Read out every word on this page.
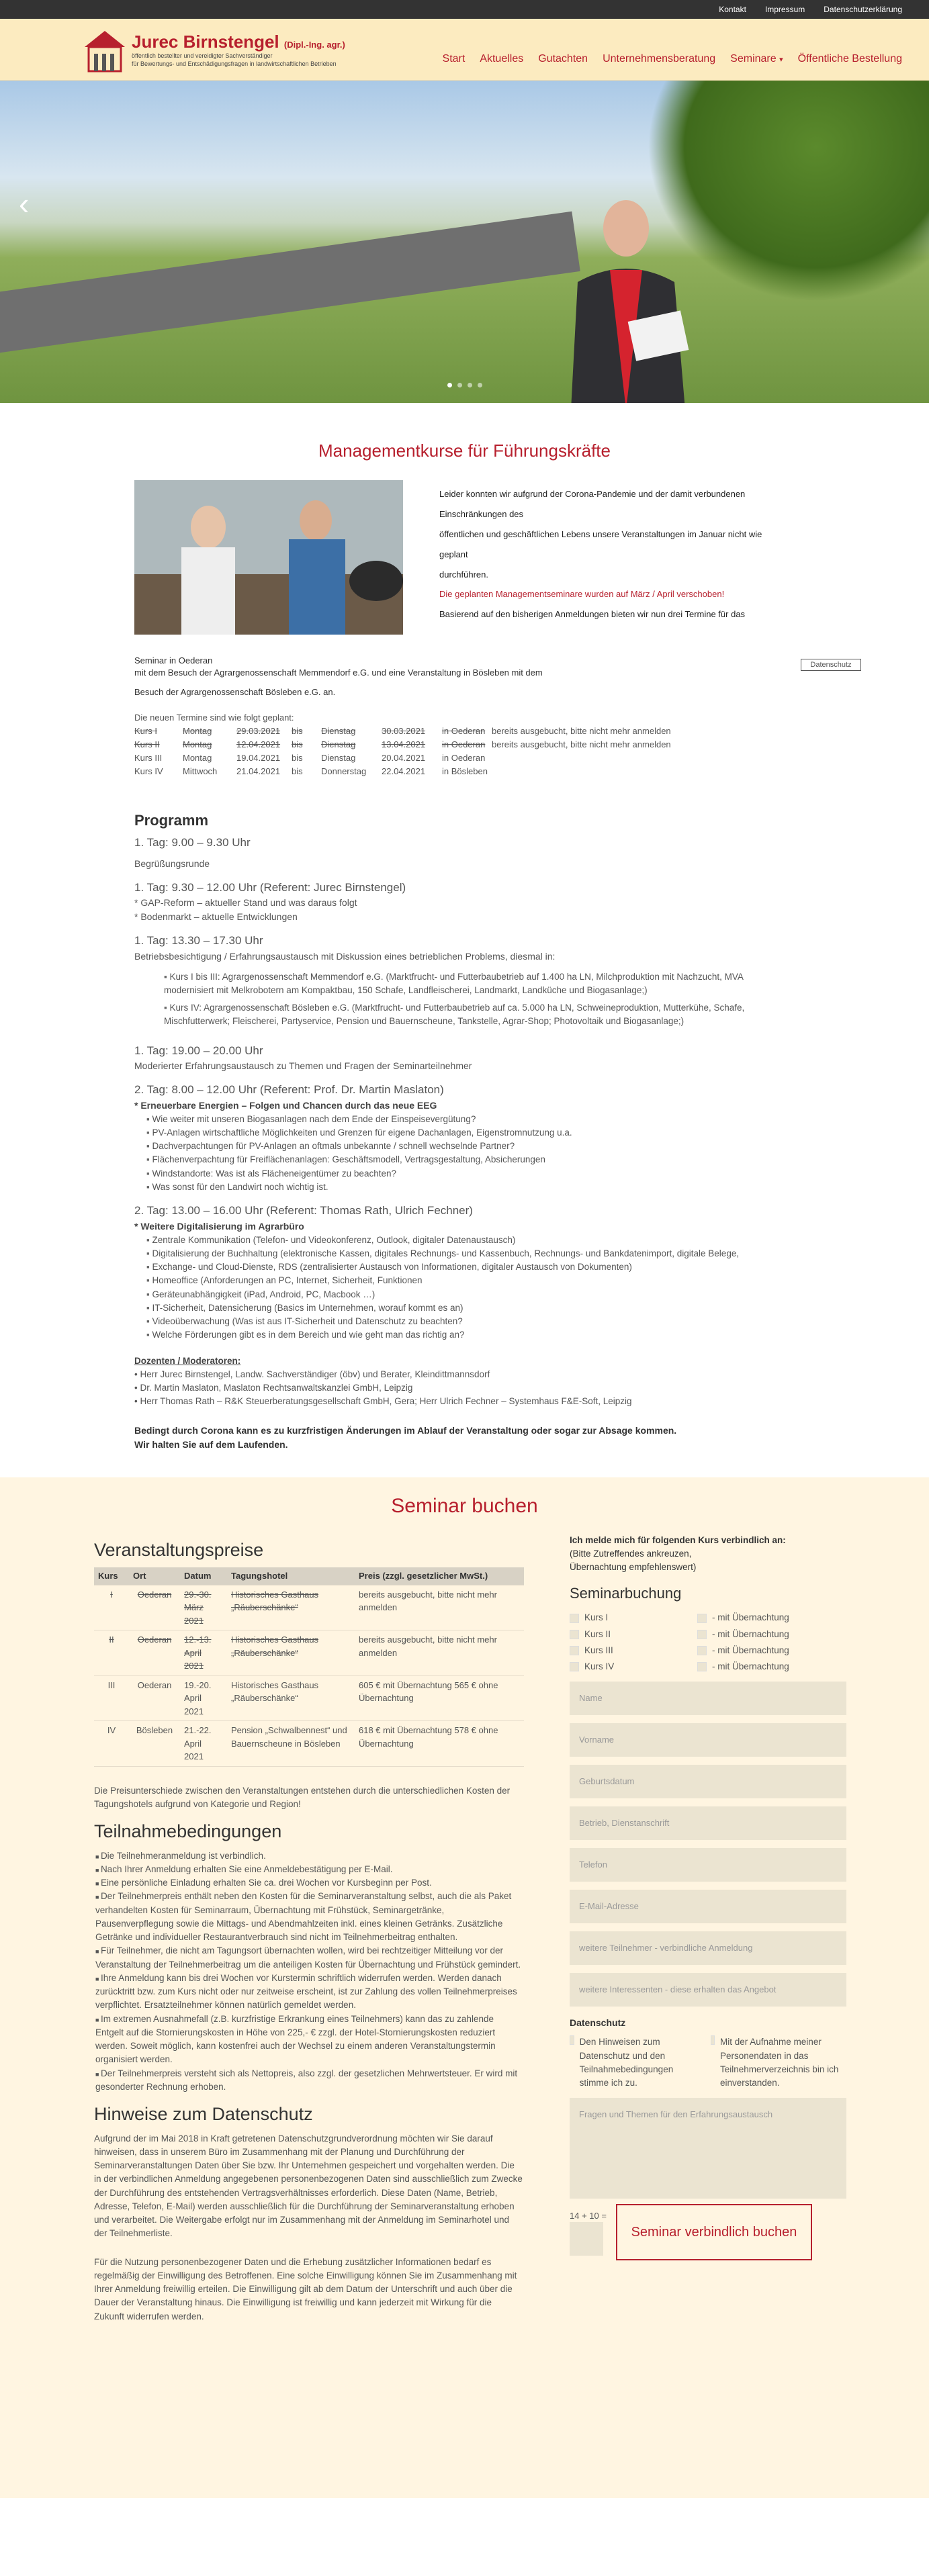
Kontakt Impressum Datenschutzerklärung
Jurec Birnstengel (Dipl.-Ing. agr.)
öffentlich bestellter und vereidigter Sachverständiger
für Bewertungs- und Entschädigungsfragen in landwirtschaftlichen Betrieben	Start Aktuelles Gutachten Unternehmensberatung Seminare ▾ Öffentliche Bestellung
‹
Managementkurse für Führungskräfte
Leider konnten wir aufgrund der Corona-Pandemie und der damit verbundenen
Einschränkungen des
öffentlichen und geschäftlichen Lebens unsere Veranstaltungen im Januar nicht wie
geplant
durchführen.
Die geplanten Managementseminare wurden auf März / April verschoben!
Basierend auf den bisherigen Anmeldungen bieten wir nun drei Termine für das
Seminar in Oederan
mit dem Besuch der Agrargenossenschaft Memmendorf e.G. und eine Veranstaltung in Bösleben mit dem
Datenschutz
Besuch der Agrargenossenschaft Bösleben e.G. an.
Die neuen Termine sind wie folgt geplant:
Kurs I	Montag	29.03.2021	bis	Dienstag	30.03.2021	in Oederan bereits ausgebucht, bitte nicht mehr anmelden
Kurs II	Montag	12.04.2021	bis	Dienstag	13.04.2021	in Oederan bereits ausgebucht, bitte nicht mehr anmelden
Kurs III	Montag	19.04.2021	bis	Dienstag	20.04.2021	in Oederan
Kurs IV	Mittwoch	21.04.2021	bis	Donnerstag	22.04.2021	in Bösleben
Programm
1. Tag: 9.00 – 9.30 Uhr

Begrüßungsrunde

1. Tag: 9.30 – 12.00 Uhr (Referent: Jurec Birnstengel)

* GAP-Reform – aktueller Stand und was daraus folgt

* Bodenmarkt – aktuelle Entwicklungen

1. Tag: 13.30 – 17.30 Uhr

Betriebsbesichtigung / Erfahrungsaustausch mit Diskussion eines betrieblichen Problems, diesmal in:

▪ Kurs I bis III: Agrargenossenschaft Memmendorf e.G. (Marktfrucht- und Futterbaubetrieb auf 1.400 ha LN, Milchproduktion mit Nachzucht, MVA modernisiert mit Melkrobotern am Kompaktbau, 150 Schafe, Landfleischerei, Landmarkt, Landküche und Biogasanlage;)
▪ Kurs IV: Agrargenossenschaft Bösleben e.G. (Marktfrucht- und Futterbaubetrieb auf ca. 5.000 ha LN, Schweineproduktion, Mutterkühe, Schafe, Mischfutterwerk; Fleischerei, Partyservice, Pension und Bauernscheune, Tankstelle, Agrar-Shop; Photovoltaik und Biogasanlage;)
1. Tag: 19.00 – 20.00 Uhr

Moderierter Erfahrungsaustausch zu Themen und Fragen der Seminarteilnehmer

2. Tag: 8.00 – 12.00 Uhr (Referent: Prof. Dr. Martin Maslaton)

* Erneuerbare Energien – Folgen und Chancen durch das neue EEG

▪ Wie weiter mit unseren Biogasanlagen nach dem Ende der Einspeisevergütung?
▪ PV-Anlagen wirtschaftliche Möglichkeiten und Grenzen für eigene Dachanlagen, Eigenstromnutzung u.a.
▪ Dachverpachtungen für PV-Anlagen an oftmals unbekannte / schnell wechselnde Partner?
▪ Flächenverpachtung für Freiflächenanlagen: Geschäftsmodell, Vertragsgestaltung, Absicherungen
▪ Windstandorte: Was ist als Flächeneigentümer zu beachten?
▪ Was sonst für den Landwirt noch wichtig ist.
2. Tag: 13.00 – 16.00 Uhr (Referent: Thomas Rath, Ulrich Fechner)

* Weitere Digitalisierung im Agrarbüro

▪ Zentrale Kommunikation (Telefon- und Videokonferenz, Outlook, digitaler Datenaustausch)
▪ Digitalisierung der Buchhaltung (elektronische Kassen, digitales Rechnungs- und Kassenbuch, Rechnungs- und Bankdatenimport, digitale Belege,
▪ Exchange- und Cloud-Dienste, RDS (zentralisierter Austausch von Informationen, digitaler Austausch von Dokumenten)
▪ Homeoffice (Anforderungen an PC, Internet, Sicherheit, Funktionen
▪ Geräteunabhängigkeit (iPad, Android, PC, Macbook …)
▪ IT-Sicherheit, Datensicherung (Basics im Unternehmen, worauf kommt es an)
▪ Videoüberwachung (Was ist aus IT-Sicherheit und Datenschutz zu beachten?
▪ Welche Förderungen gibt es in dem Bereich und wie geht man das richtig an?
Dozenten / Moderatoren:
• Herr Jurec Birnstengel, Landw. Sachverständiger (öbv) und Berater, Kleindittmannsdorf
• Dr. Martin Maslaton, Maslaton Rechtsanwaltskanzlei GmbH, Leipzig
• Herr Thomas Rath – R&K Steuerberatungsgesellschaft GmbH, Gera; Herr Ulrich Fechner – Systemhaus F&E-Soft, Leipzig
Bedingt durch Corona kann es zu kurzfristigen Änderungen im Ablauf der Veranstaltung oder sogar zur Absage kommen.
Wir halten Sie auf dem Laufenden.
Seminar buchen
Veranstaltungspreise
Kurs	Ort	Datum	Tagungshotel	Preis (zzgl. gesetzlicher MwSt.)
I	Oederan	29.-30. März 2021	Historisches Gasthaus „Räuberschänke“	bereits ausgebucht, bitte nicht mehr anmelden
II	Oederan	12.-13. April 2021	Historisches Gasthaus „Räuberschänke“	bereits ausgebucht, bitte nicht mehr anmelden
III	Oederan	19.-20. April 2021	Historisches Gasthaus „Räuberschänke“	605 € mit Übernachtung 565 € ohne Übernachtung
IV	Bösleben	21.-22. April 2021	Pension „Schwalbennest“ und Bauernscheune in Bösleben	618 € mit Übernachtung 578 € ohne Übernachtung

Die Preisunterschiede zwischen den Veranstaltungen entstehen durch die unterschiedlichen Kosten der Tagungshotels aufgrund von Kategorie und Region!

Teilnahmebedingungen
■ Die Teilnehmeranmeldung ist verbindlich.
■ Nach Ihrer Anmeldung erhalten Sie eine Anmeldebestätigung per E-Mail.
■ Eine persönliche Einladung erhalten Sie ca. drei Wochen vor Kursbeginn per Post.
■ Der Teilnehmerpreis enthält neben den Kosten für die Seminarveranstaltung selbst, auch die als Paket verhandelten Kosten für Seminarraum, Übernachtung mit Frühstück, Seminargetränke, Pausenverpflegung sowie die Mittags- und Abendmahlzeiten inkl. eines kleinen Getränks. Zusätzliche Getränke und individueller Restaurantverbrauch sind nicht im Teilnehmerbeitrag enthalten.
■ Für Teilnehmer, die nicht am Tagungsort übernachten wollen, wird bei rechtzeitiger Mitteilung vor der Veranstaltung der Teilnehmerbeitrag um die anteiligen Kosten für Übernachtung und Frühstück gemindert.
■ Ihre Anmeldung kann bis drei Wochen vor Kurstermin schriftlich widerrufen werden. Werden danach zurücktritt bzw. zum Kurs nicht oder nur zeitweise erscheint, ist zur Zahlung des vollen Teilnehmerpreises verpflichtet. Ersatzteilnehmer können natürlich gemeldet werden.
■ Im extremen Ausnahmefall (z.B. kurzfristige Erkrankung eines Teilnehmers) kann das zu zahlende Entgelt auf die Stornierungskosten in Höhe von 225,- € zzgl. der Hotel-Stornierungskosten reduziert werden. Soweit möglich, kann kostenfrei auch der Wechsel zu einem anderen Veranstaltungstermin organisiert werden.
■ Der Teilnehmerpreis versteht sich als Nettopreis, also zzgl. der gesetzlichen Mehrwertsteuer. Er wird mit gesonderter Rechnung erhoben.
Hinweise zum Datenschutz

Aufgrund der im Mai 2018 in Kraft getretenen Datenschutzgrundverordnung möchten wir Sie darauf hinweisen, dass in unserem Büro im Zusammenhang mit der Planung und Durchführung der Seminarveranstaltungen Daten über Sie bzw. Ihr Unternehmen gespeichert und vorgehalten werden. Die in der verbindlichen Anmeldung angegebenen personenbezogenen Daten sind ausschließlich zum Zwecke der Durchführung des entstehenden Vertragsverhältnisses erforderlich. Diese Daten (Name, Betrieb, Adresse, Telefon, E-Mail) werden ausschließlich für die Durchführung der Seminarveranstaltung erhoben und verarbeitet. Die Weitergabe erfolgt nur im Zusammenhang mit der Anmeldung im Seminarhotel und der Teilnehmerliste.

Für die Nutzung personenbezogener Daten und die Erhebung zusätzlicher Informationen bedarf es regelmäßig der Einwilligung des Betroffenen. Eine solche Einwilligung können Sie im Zusammenhang mit Ihrer Anmeldung freiwillig erteilen. Die Einwilligung gilt ab dem Datum der Unterschrift und auch über die Dauer der Veranstaltung hinaus. Die Einwilligung ist freiwillig und kann jederzeit mit Wirkung für die Zukunft widerrufen werden.

Ich melde mich für folgenden Kurs verbindlich an:
(Bitte Zutreffendes ankreuzen,
Übernachtung empfehlenswert)
Seminarbuchung
Kurs I	- mit Übernachtung
Kurs II	- mit Übernachtung
Kurs III	- mit Übernachtung
Kurs IV	- mit Übernachtung
Name
Vorname
Geburtsdatum
Betrieb, Dienstanschrift
Telefon
E-Mail-Adresse
weitere Teilnehmer - verbindliche Anmeldung
weitere Interessenten - diese erhalten das Angebot
Datenschutz
Den Hinweisen zum Datenschutz und den Teilnahmebedingungen stimme ich zu.
Mit der Aufnahme meiner Personendaten in das Teilnehmerverzeichnis bin ich einverstanden.
Fragen und Themen für den Erfahrungsaustausch
14 + 10 =
Seminar verbindlich buchen
